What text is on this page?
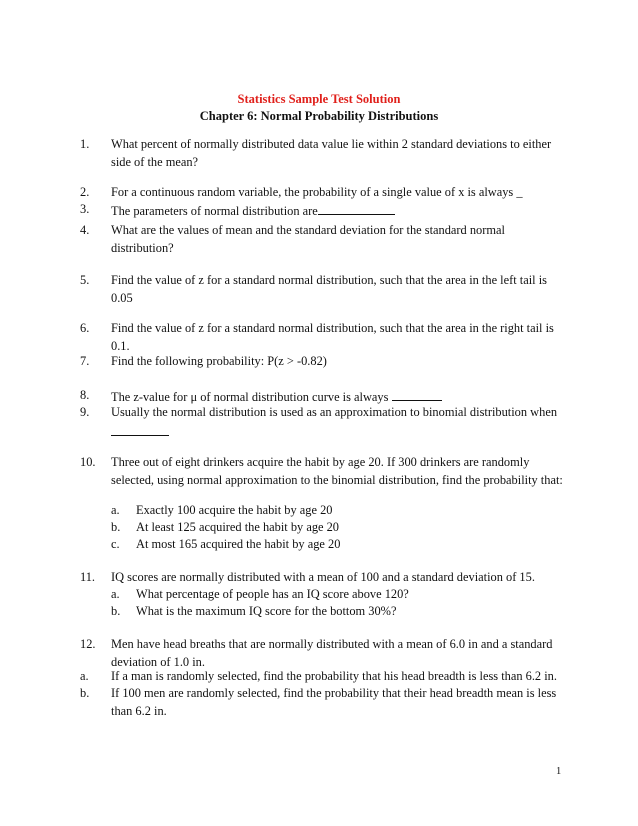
Statistics Sample Test Solution
Chapter 6: Normal Probability Distributions
1. What percent of normally distributed data value lie within 2 standard deviations to either side of the mean?
2. For a continuous random variable, the probability of a single value of x is always _
3. The parameters of normal distribution are
4. What are the values of mean and the standard deviation for the standard normal distribution?
5. Find the value of z for a standard normal distribution, such that the area in the left tail is 0.05
6. Find the value of z for a standard normal distribution, such that the area in the right tail is 0.1.
7. Find the following probability: P(z > -0.82)
8. The z-value for μ of normal distribution curve is always
9. Usually the normal distribution is used as an approximation to binomial distribution when

10. Three out of eight drinkers acquire the habit by age 20. If 300 drinkers are randomly selected, using normal approximation to the binomial distribution, find the probability that:
a. Exactly 100 acquire the habit by age 20
b. At least 125 acquired the habit by age 20
c. At most 165 acquired the habit by age 20
11. IQ scores are normally distributed with a mean of 100 and a standard deviation of 15.
a. What percentage of people has an IQ score above 120?
b. What is the maximum IQ score for the bottom 30%?
12. Men have head breaths that are normally distributed with a mean of 6.0 in and a standard deviation of 1.0 in.
a. If a man is randomly selected, find the probability that his head breadth is less than 6.2 in.
b. If 100 men are randomly selected, find the probability that their head breadth mean is less than 6.2 in.
1
